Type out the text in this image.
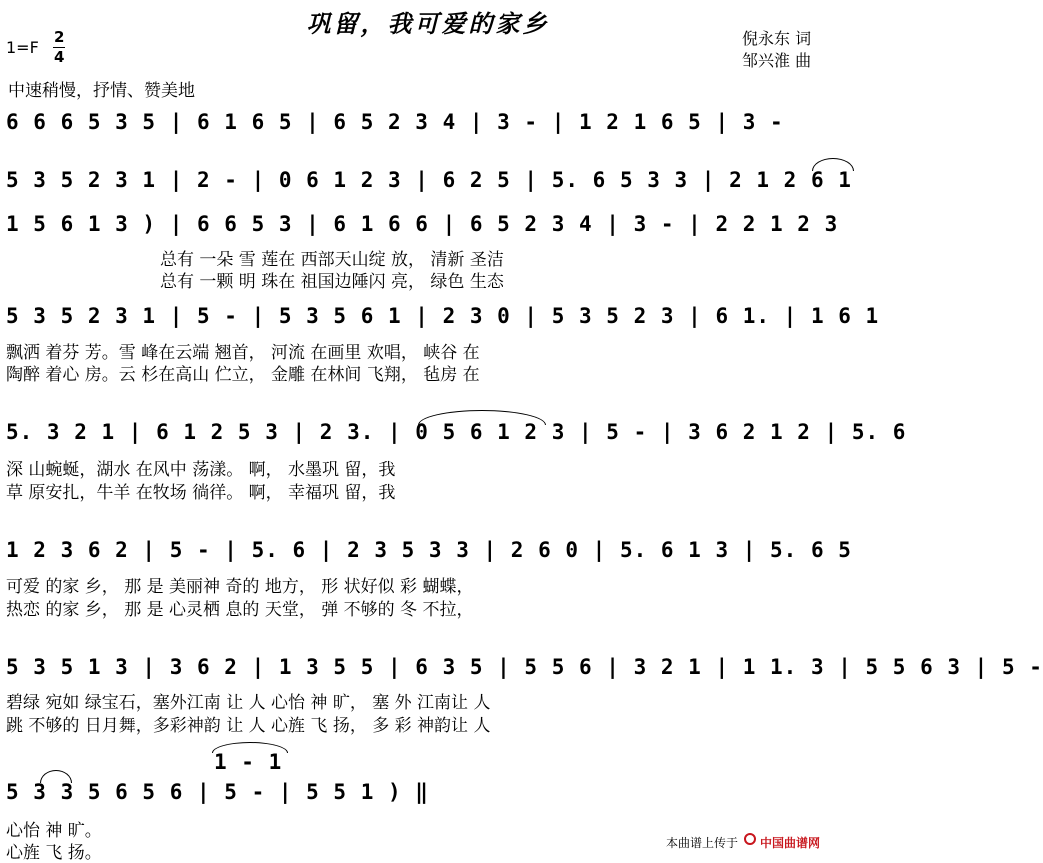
巩留，我可爱的家乡
1=F
2
4
中速稍慢，抒情、赞美地
倪永东 词
邹兴淮 曲
6 6 6 5 3 5 | 6 1 6 5 | 6 5 2 3 4 | 3 - | 1 2 1 6 5 | 3 -
5 3 5 2 3 1 | 2 - | 0 6 1 2 3 | 6 2 5 | 5. 6 5 3 3 | 2 1 2 6 1
1 5 6 1 3 ) | 6 6 5 3 | 6 1 6 6 | 6 5 2 3 4 | 3 - | 2 2 1 2 3
总有 一朵 雪 莲在 西部天山绽 放， 清新 圣洁
总有 一颗 明 珠在 祖国边陲闪 亮， 绿色 生态
5 3 5 2 3 1 | 5 - | 5 3 5 6 1 | 2 3 0 | 5 3 5 2 3 | 6 1. | 1 6 1
飘洒 着芬 芳。雪 峰在云端 翘首， 河流 在画里 欢唱， 峡谷 在
陶醉 着心 房。云 杉在高山 伫立， 金雕 在林间 飞翔， 毡房 在
5. 3 2 1 | 6 1 2 5 3 | 2 3. | 0 5 6 1 2 3 | 5 - | 3 6 2 1 2 | 5. 6
深 山蜿蜒，湖水 在风中 荡漾。 啊， 水墨巩 留，我
草 原安扎，牛羊 在牧场 徜徉。 啊， 幸福巩 留，我
1 2 3 6 2 | 5 - | 5. 6 | 2 3 5 3 3 | 2 6 0 | 5. 6 1 3 | 5. 6 5
可爱 的家 乡， 那 是 美丽神 奇的 地方， 形 状好似 彩 蝴蝶，
热恋 的家 乡， 那 是 心灵栖 息的 天堂， 弹 不够的 冬 不拉，
5 3 5 1 3 | 3 6 2 | 1 3 5 5 | 6 3 5 | 5 5 6 | 3 2 1 | 1 1. 3 | 5 5 6 3 | 5 -
碧绿 宛如 绿宝石，塞外江南 让 人 心怡 神 旷， 塞 外 江南让 人
跳 不够的 日月舞，多彩神韵 让 人 心旌 飞 扬， 多 彩 神韵让 人
1 - 1
5 3 3 5 6 5 6 | 5 - | 5 5 1 ) ‖
心怡 神 旷。
心旌 飞 扬。	本曲谱上传于 中国曲谱网
